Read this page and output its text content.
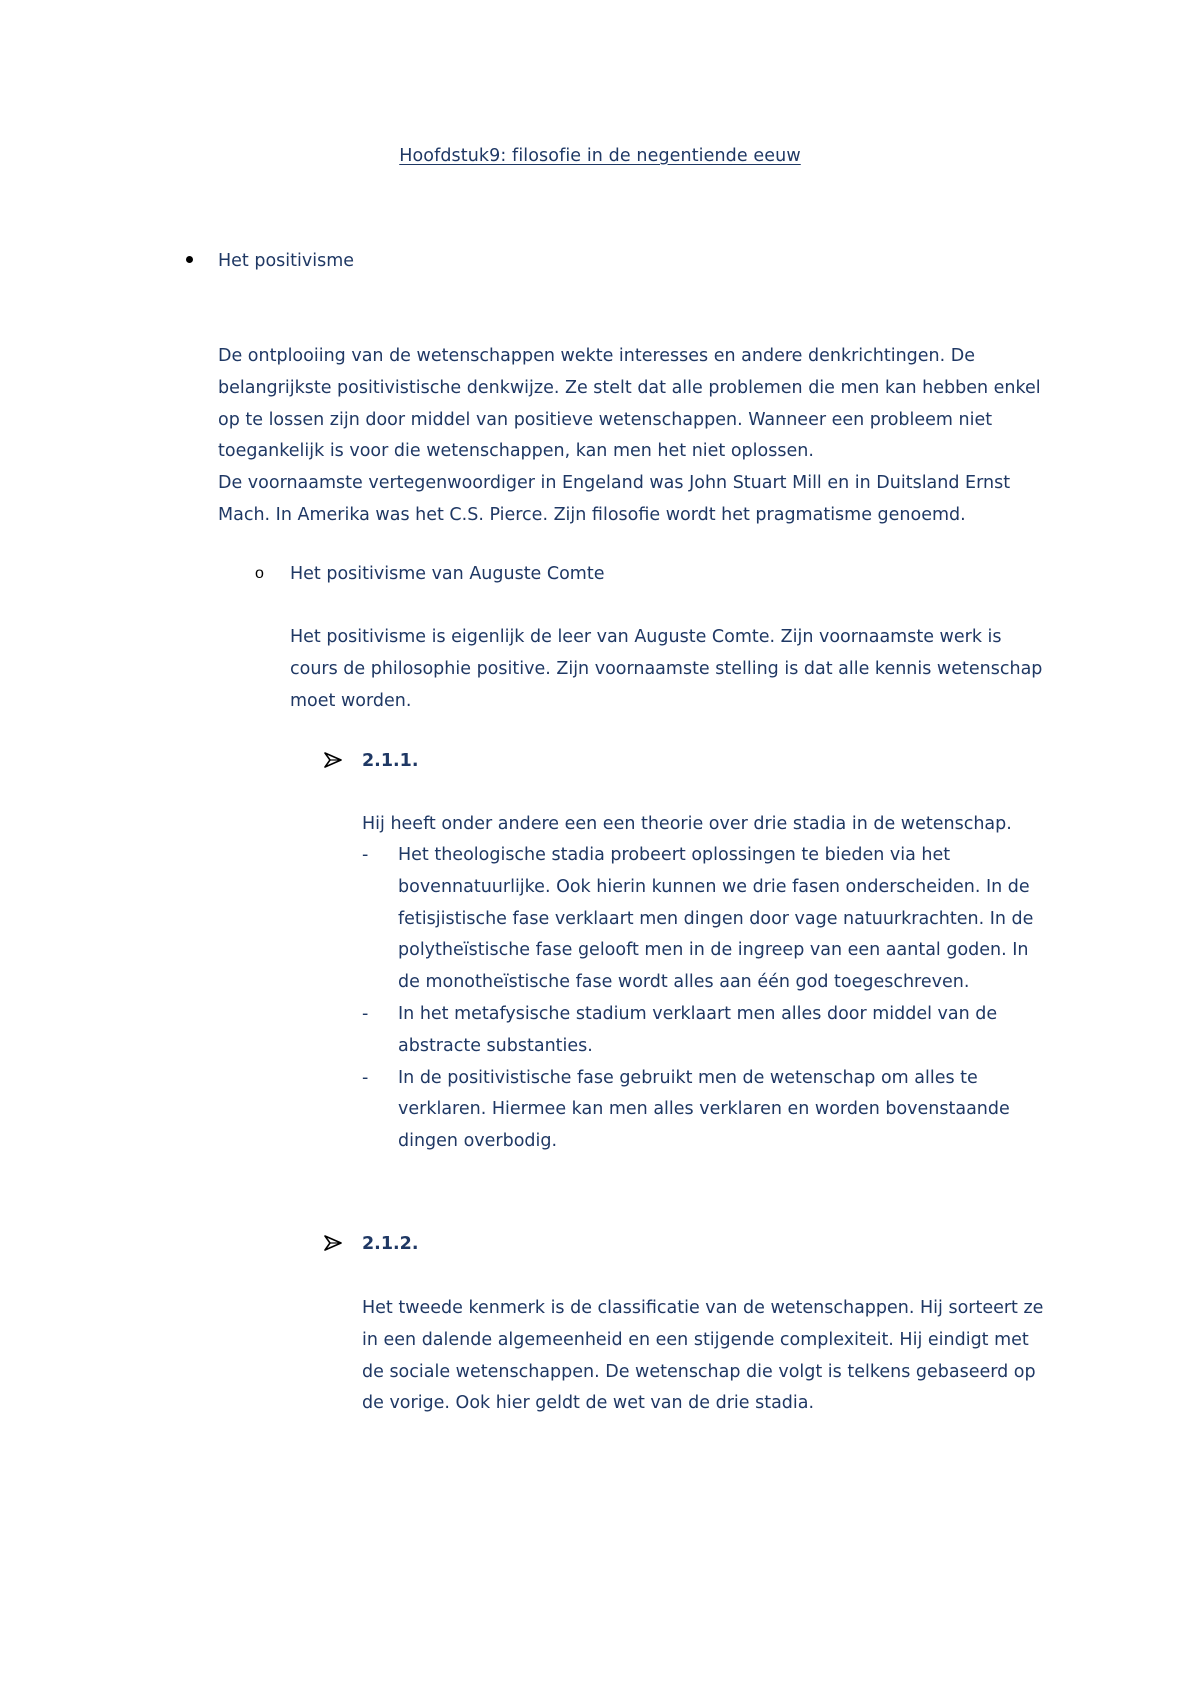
Hoofdstuk9: filosofie in de negentiende eeuw
Het positivisme
De ontplooiing van de wetenschappen wekte interesses en andere denkrichtingen. De
belangrijkste positivistische denkwijze. Ze stelt dat alle problemen die men kan hebben enkel
op te lossen zijn door middel van positieve wetenschappen. Wanneer een probleem niet
toegankelijk is voor die wetenschappen, kan men het niet oplossen.
De voornaamste vertegenwoordiger in Engeland was John Stuart Mill en in Duitsland Ernst
Mach. In Amerika was het C.S. Pierce. Zijn filosofie wordt het pragmatisme genoemd.
o Het positivisme van Auguste Comte
Het positivisme is eigenlijk de leer van Auguste Comte. Zijn voornaamste werk is
cours de philosophie positive. Zijn voornaamste stelling is dat alle kennis wetenschap
moet worden.
2.1.1.
Hij heeft onder andere een een theorie over drie stadia in de wetenschap.
- Het theologische stadia probeert oplossingen te bieden via het
bovennatuurlijke. Ook hierin kunnen we drie fasen onderscheiden. In de
fetisjistische fase verklaart men dingen door vage natuurkrachten. In de
polytheïstische fase gelooft men in de ingreep van een aantal goden. In
de monotheïstische fase wordt alles aan één god toegeschreven.
- In het metafysische stadium verklaart men alles door middel van de
abstracte substanties.
- In de positivistische fase gebruikt men de wetenschap om alles te
verklaren. Hiermee kan men alles verklaren en worden bovenstaande
dingen overbodig.
2.1.2.
Het tweede kenmerk is de classificatie van de wetenschappen. Hij sorteert ze
in een dalende algemeenheid en een stijgende complexiteit. Hij eindigt met
de sociale wetenschappen. De wetenschap die volgt is telkens gebaseerd op
de vorige. Ook hier geldt de wet van de drie stadia.
